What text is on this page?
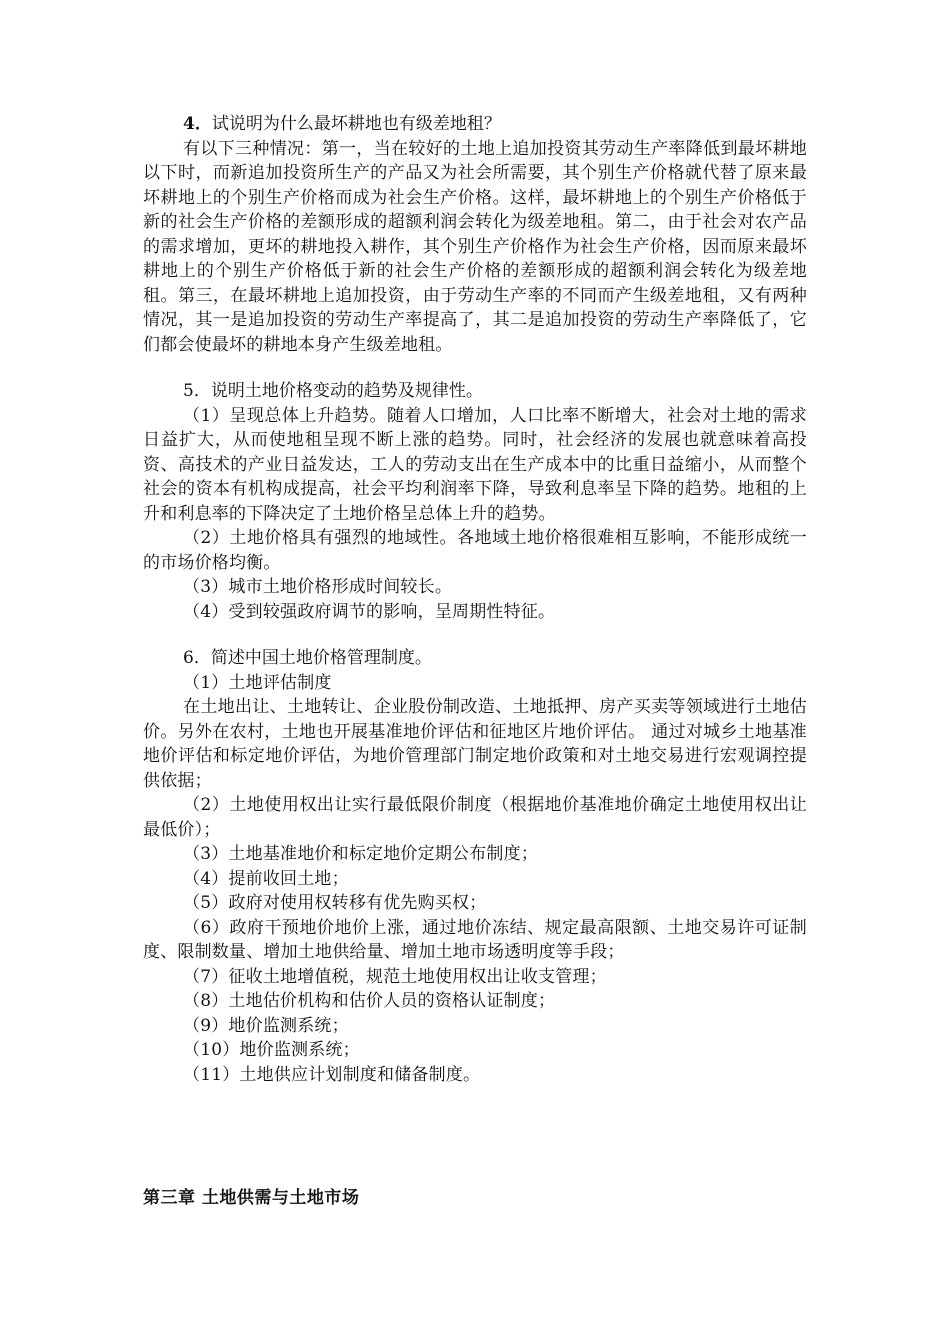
4．试说明为什么最坏耕地也有级差地租？

有以下三种情况：第一，当在较好的土地上追加投资其劳动生产率降低到最坏耕地以下时，而新追加投资所生产的产品又为社会所需要，其个别生产价格就代替了原来最坏耕地上的个别生产价格而成为社会生产价格。这样，最坏耕地上的个别生产价格低于新的社会生产价格的差额形成的超额利润会转化为级差地租。第二，由于社会对农产品的需求增加，更坏的耕地投入耕作，其个别生产价格作为社会生产价格，因而原来最坏耕地上的个别生产价格低于新的社会生产价格的差额形成的超额利润会转化为级差地租。第三，在最坏耕地上追加投资，由于劳动生产率的不同而产生级差地租，又有两种情况，其一是追加投资的劳动生产率提高了，其二是追加投资的劳动生产率降低了，它们都会使最坏的耕地本身产生级差地租。

5．说明土地价格变动的趋势及规律性。

（1）呈现总体上升趋势。随着人口增加，人口比率不断增大，社会对土地的需求日益扩大，从而使地租呈现不断上涨的趋势。同时，社会经济的发展也就意味着高投资、高技术的产业日益发达，工人的劳动支出在生产成本中的比重日益缩小，从而整个社会的资本有机构成提高，社会平均利润率下降，导致利息率呈下降的趋势。地租的上升和利息率的下降决定了土地价格呈总体上升的趋势。

（2）土地价格具有强烈的地域性。各地域土地价格很难相互影响，不能形成统一的市场价格均衡。

（3）城市土地价格形成时间较长。

（4）受到较强政府调节的影响，呈周期性特征。

6．简述中国土地价格管理制度。

（1）土地评估制度

在土地出让、土地转让、企业股份制改造、土地抵押、房产买卖等领域进行土地估价。另外在农村，土地也开展基准地价评估和征地区片地价评估。 通过对城乡土地基准地价评估和标定地价评估，为地价管理部门制定地价政策和对土地交易进行宏观调控提供依据；

（2）土地使用权出让实行最低限价制度（根据地价基准地价确定土地使用权出让最低价）；

（3）土地基准地价和标定地价定期公布制度；

（4）提前收回土地；

（5）政府对使用权转移有优先购买权；

（6）政府干预地价地价上涨，通过地价冻结、规定最高限额、土地交易许可证制度、限制数量、增加土地供给量、增加土地市场透明度等手段；

（7）征收土地增值税，规范土地使用权出让收支管理；

（8）土地估价机构和估价人员的资格认证制度；

（9）地价监测系统；

（10）地价监测系统；

（11）土地供应计划制度和储备制度。

第三章 土地供需与土地市场
